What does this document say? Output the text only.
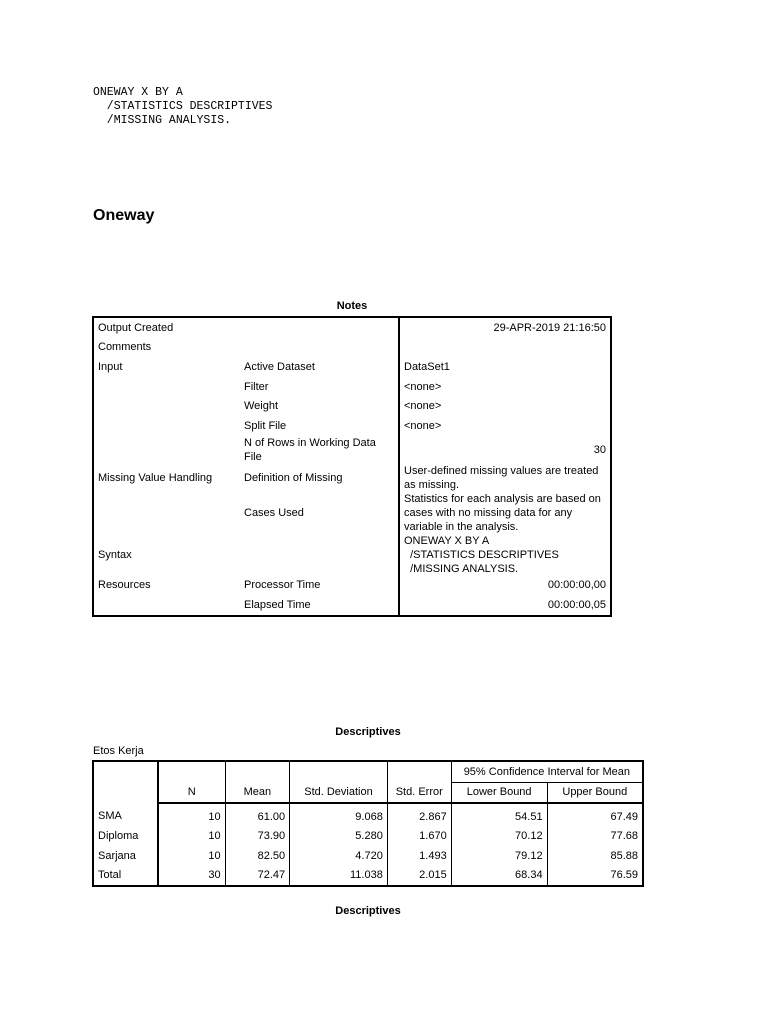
ONEWAY X BY A
/STATISTICS DESCRIPTIVES
/MISSING ANALYSIS.
Oneway
Notes
Output Created		29-APR-2019 21:16:50
Comments		
Input	Active Dataset	DataSet1
	Filter	<none>
	Weight	<none>
	Split File	<none>
	N of Rows in Working Data File	30
Missing Value Handling	Definition of Missing	User-defined missing values are treated as missing.
	Cases Used	Statistics for each analysis are based on cases with no missing data for any variable in the analysis.
Syntax		ONEWAY X BY A
/STATISTICS DESCRIPTIVES
/MISSING ANALYSIS.
Resources	Processor Time	00:00:00,00
	Elapsed Time	00:00:00,05
Descriptives
Etos Kerja
					95% Confidence Interval for Mean	
	N	Mean	Std. Deviation	Std. Error	Lower Bound	Upper Bound
SMA	10	61.00	9.068	2.867	54.51	67.49
Diploma	10	73.90	5.280	1.670	70.12	77.68
Sarjana	10	82.50	4.720	1.493	79.12	85.88
Total	30	72.47	11.038	2.015	68.34	76.59
Descriptives
